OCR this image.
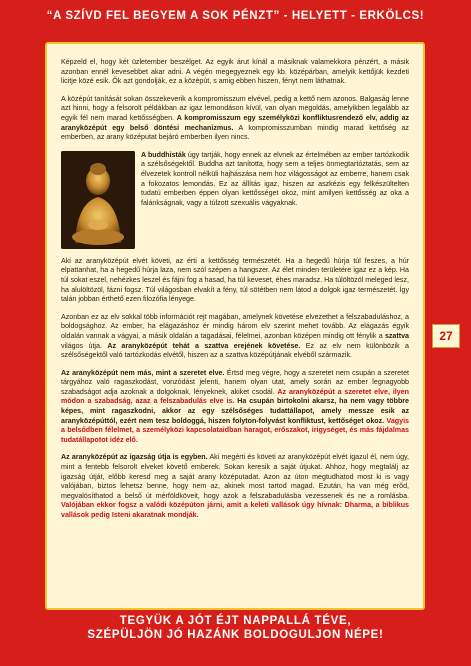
“A SZÍVD FEL BEGYEM A SOK PÉNZT” - HELYETT - ERKÖLCS!

Képzeld el, hogy két üzletember beszélget. Az egyik árut kínál a másiknak valamekkora pénzért, a másik azonban ennél kevesebbet akar adni. A végén megegyeznek egy kb. középárban, amelyik kettőjük kezdeti licitje közé esik. Ők azt gondolják, ez a középút, s amig ebben hiszen, fényt nem láthatnak.

A középút tanítását sokan összekeverik a kompromisszum elvével, pedig a kettő nem azonos. Balgaság lenne azt hinni, hogy a felsorolt példákban az igaz lemondáson kívül, van olyan megoldás, amelyikben legalább az egyik fél nem marad kettősségben. A kompromisszum egy személyközi konfliktusrendező elv, addig az aranyközépút egy belső döntési mechanizmus. A kompromisszumban mindig marad kettőség az emberben, az arany középutat bejáró emberben ilyen nincs.

A buddhisták úgy tartják, hogy ennek az elvnek az értelmében az ember tartózkodik a szélsőségektől. Buddha azt tanította, hogy sem a teljes önmegtartóztatás, sem az élvezetek kontroll nélküli hajhászása nem hoz világosságot az emberre, hanem csak a fokozatos lemondás. Ez az állítás igaz, hiszen az aszkézis egy felkészültelten tudatú emberben éppen olyan kettősséget okoz, mint amilyen kettősség az oka a falánkságnak, vagy a túlzott szexuális vágyaknak.

Aki az aranyközépút elvét követi, az érti a kettősség természetét. Ha a hegedű húrja túl feszes, a húr elpattanhat, ha a hegedű húrja laza, nem szól szépen a hangszer. Az élet minden területére igaz ez a kép. Ha túl sokat eszel, nehézkes leszel és fájni fog a hasad, ha túl keveset, éhes maradsz. Ha túlöltözöl meleged lesz, ha alulöltözöl, fázni fogsz. Túl világosban elvakít a fény, túl sötétben nem látod a dolgok igaz természetét. Így talán jobban érthető ezen filozófia lényege.

Azonban ez az elv sokkal több információt rejt magában, amelynek követése elvezethet a felszabaduláshoz, a boldogsághoz. Az ember, ha elágazáshoz ér mindig három elv szerint mehet tovább. Az elágazás egyik oldalán vannak a vágyai, a másik oldalán a tagadásai, félelmei, azonban középen mindig ott fénylik a szattva világos útja. Az aranyközépút tehát a szattva erejének követése. Ez az elv nem különbözik a szélsőségektől való tartózkodás elvétől, hiszen az a szattva középútjának elvéből származik.

Az aranyközépút nem más, mint a szeretet elve. Értsd meg végre, hogy a szeretet nem csupán a szeretet tárgyához való ragaszkodást, vonzódást jelenti, hanem olyan utat, amely során az ember legnagyobb szabadságot adja azoknak a dolgoknak, lényeknek, akiket csodál. Az aranyközépút a szeretet elve, ilyen módon a szabadság, azaz a felszabadulás elve is. Ha csupán birtokolni akarsz, ha nem vagy többre képes, mint ragaszkodni, akkor az egy szélsőséges tudattállapot, amely messze esik az aranyközépúttól, ezért nem tesz boldoggá, hiszen folyton-folyvást konfliktust, kettőséget okoz. Vagyis a belsődben félelmet, a személyközi kapcsolataidban haragot, erőszakot, irigységet, és más fájdalmas tudatállapotot idéz elő.

Az aranyközépút az igazság útja is egyben. Aki megérti és követi az aranyközépút elvét igazul él, nem úgy, mint a fentebb felsorolt elveket követő emberek. Sokan keresik a saját útjukat. Ahhoz, hogy megtalálj az igazság útját, előbb keresd meg a saját arany középutadat. Azon az úton megtudhatod most ki is vagy valójában, biztos lehetsz benne, hogy nem az, akinek most tartod magad. Ezután, ha van még erőd, megvalósíthatod a belső út mérföldköveit, hogy azok a felszabadulásba vezessenek és ne a romlásba. Valójában ekkor fogsz a valódi középúton járni, amit a keleti vallások úgy hívnak: Dharma, a biblikus vallások pedig Isteni akaratnak mondják.

27
TEGYÜK A JÓT ÉJT NAPPALLÁ TÉVE,
SZÉPÜLJÖN JÓ HAZÁNK BOLDOGULJON NÉPE!
